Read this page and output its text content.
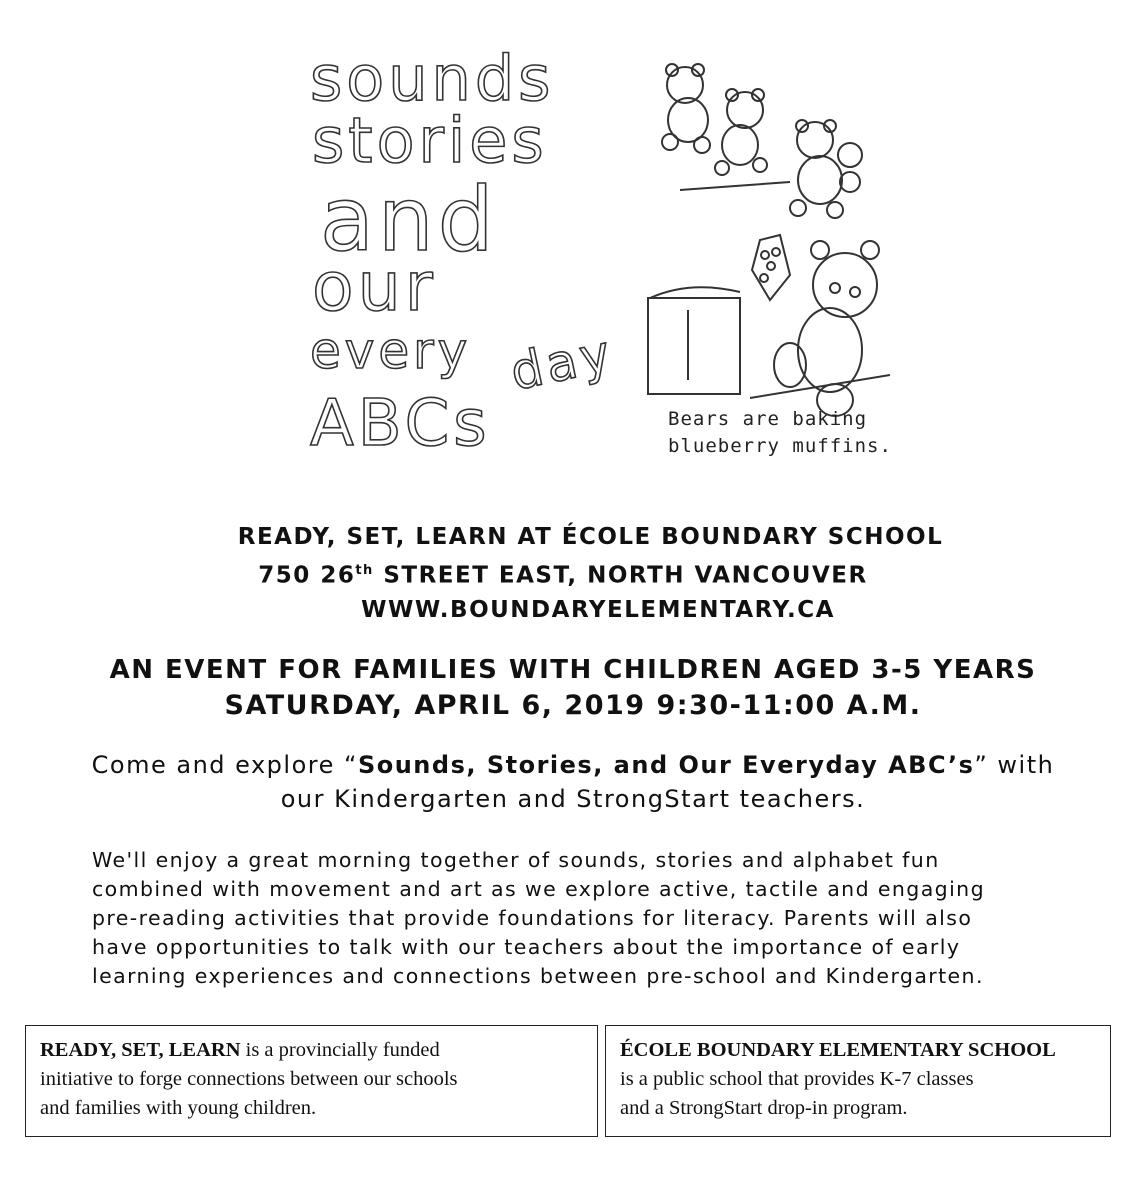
sounds
stories
and
our
every day
ABCs	Bears are baking
blueberry muffins.
READY, SET, LEARN AT ÉCOLE BOUNDARY SCHOOL
750 26th STREET EAST, NORTH VANCOUVER
WWW.BOUNDARYELEMENTARY.CA
AN EVENT FOR FAMILIES WITH CHILDREN AGED 3-5 YEARS
SATURDAY, APRIL 6, 2019 9:30-11:00 A.M.
Come and explore “Sounds, Stories, and Our Everyday ABC’s” with
our Kindergarten and StrongStart teachers.
We'll enjoy a great morning together of sounds, stories and alphabet fun
combined with movement and art as we explore active, tactile and engaging
pre-reading activities that provide foundations for literacy. Parents will also
have opportunities to talk with our teachers about the importance of early
learning experiences and connections between pre-school and Kindergarten.
READY, SET, LEARN is a provincially funded
initiative to forge connections between our schools
and families with young children.
ÉCOLE BOUNDARY ELEMENTARY SCHOOL
is a public school that provides K-7 classes
and a StrongStart drop-in program.
